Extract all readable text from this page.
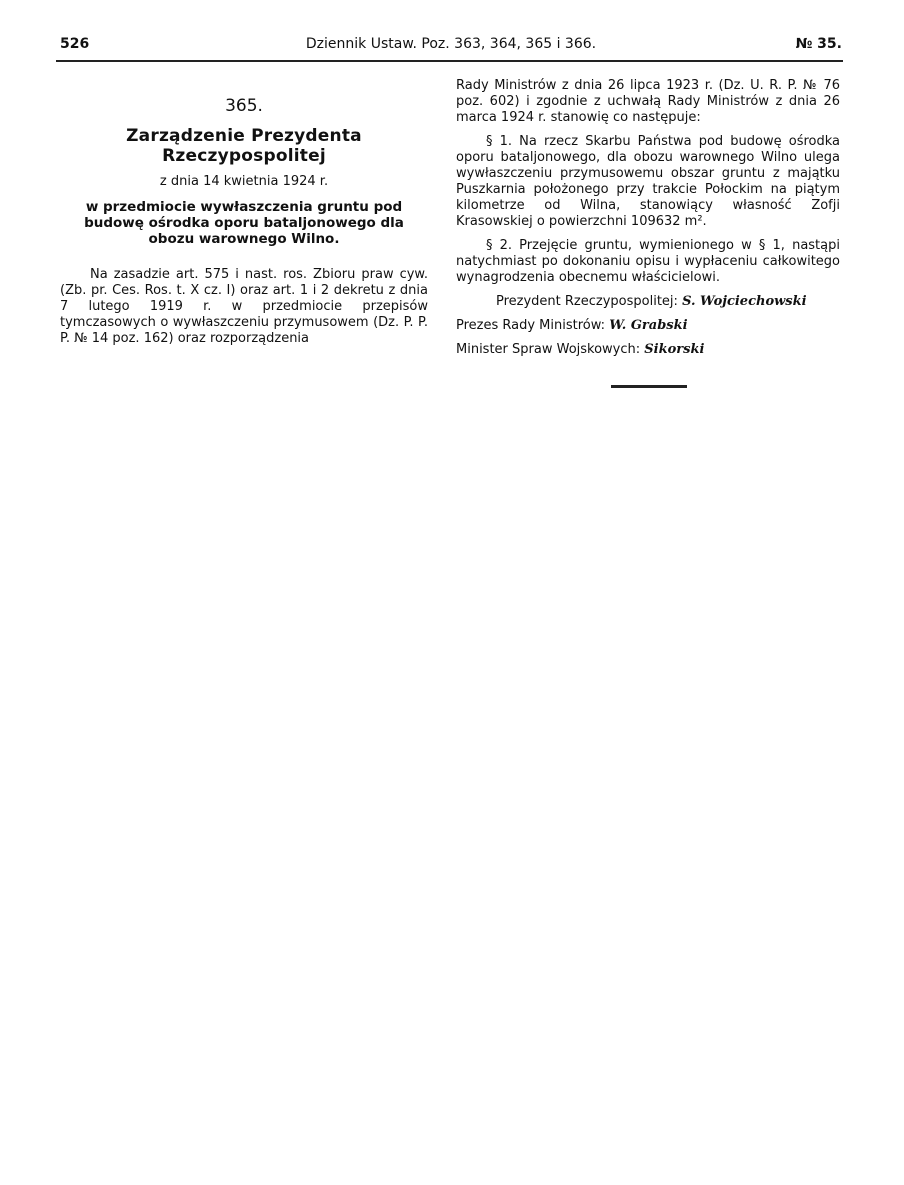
526	Dziennik Ustaw. Poz. 363, 364, 365 i 366.	№ 35.
365.
Zarządzenie Prezydenta Rzeczypospolitej
z dnia 14 kwietnia 1924 r.
w przedmiocie wywłaszczenia gruntu pod budowę ośrodka oporu bataljonowego dla obozu warownego Wilno.

Na zasadzie art. 575 i nast. ros. Zbioru praw cyw. (Zb. pr. Ces. Ros. t. X cz. I) oraz art. 1 i 2 dekretu z dnia 7 lutego 1919 r. w przedmiocie przepisów tymczasowych o wywłaszczeniu przymusowem (Dz. P. P. P. № 14 poz. 162) oraz rozporządzenia

Rady Ministrów z dnia 26 lipca 1923 r. (Dz. U. R. P. № 76 poz. 602) i zgodnie z uchwałą Rady Ministrów z dnia 26 marca 1924 r. stanowię co następuje:

§ 1. Na rzecz Skarbu Państwa pod budowę ośrodka oporu bataljonowego, dla obozu warownego Wilno ulega wywłaszczeniu przymusowemu obszar gruntu z majątku Puszkarnia położonego przy trakcie Połockim na piątym kilometrze od Wilna, stanowiący własność Zofji Krasowskiej o powierzchni 109632 m².

§ 2. Przejęcie gruntu, wymienionego w § 1, nastąpi natychmiast po dokonaniu opisu i wypłaceniu całkowitego wynagrodzenia obecnemu właścicielowi.

Prezydent Rzeczypospolitej: S. Wojciechowski
Prezes Rady Ministrów: W. Grabski
Minister Spraw Wojskowych: Sikorski
